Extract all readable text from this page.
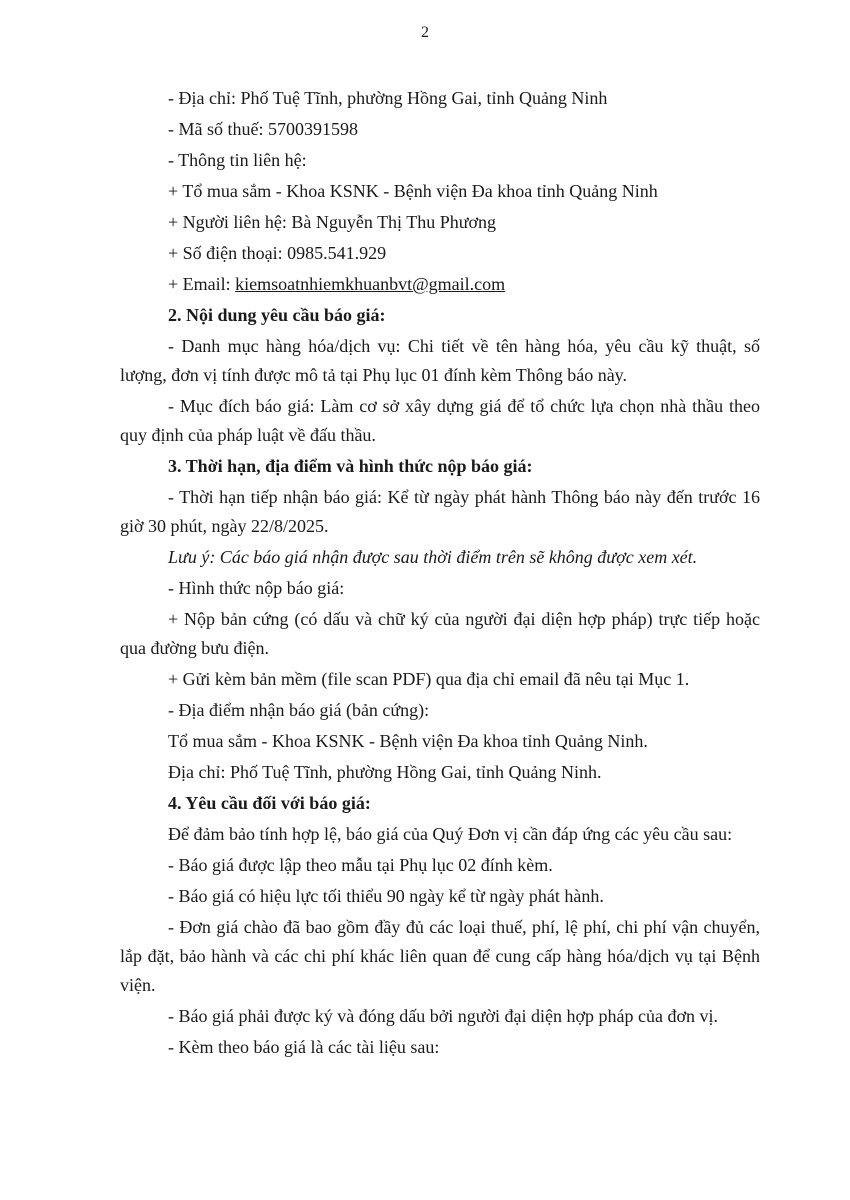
2

- Địa chỉ: Phố Tuệ Tĩnh, phường Hồng Gai, tỉnh Quảng Ninh

- Mã số thuế: 5700391598

- Thông tin liên hệ:

+ Tổ mua sắm - Khoa KSNK - Bệnh viện Đa khoa tỉnh Quảng Ninh

+ Người liên hệ: Bà Nguyễn Thị Thu Phương

+ Số điện thoại: 0985.541.929

+ Email: kiemsoatnhiemkhuanbvt@gmail.com

2. Nội dung yêu cầu báo giá:

- Danh mục hàng hóa/dịch vụ: Chi tiết về tên hàng hóa, yêu cầu kỹ thuật, số lượng, đơn vị tính được mô tả tại Phụ lục 01 đính kèm Thông báo này.

- Mục đích báo giá: Làm cơ sở xây dựng giá để tổ chức lựa chọn nhà thầu theo quy định của pháp luật về đấu thầu.

3. Thời hạn, địa điểm và hình thức nộp báo giá:

- Thời hạn tiếp nhận báo giá: Kể từ ngày phát hành Thông báo này đến trước 16 giờ 30 phút, ngày 22/8/2025.

Lưu ý: Các báo giá nhận được sau thời điểm trên sẽ không được xem xét.

- Hình thức nộp báo giá:

+ Nộp bản cứng (có dấu và chữ ký của người đại diện hợp pháp) trực tiếp hoặc qua đường bưu điện.

+ Gửi kèm bản mềm (file scan PDF) qua địa chỉ email đã nêu tại Mục 1.

- Địa điểm nhận báo giá (bản cứng):

Tổ mua sắm - Khoa KSNK - Bệnh viện Đa khoa tỉnh Quảng Ninh.

Địa chỉ: Phố Tuệ Tĩnh, phường Hồng Gai, tỉnh Quảng Ninh.

4. Yêu cầu đối với báo giá:

Để đảm bảo tính hợp lệ, báo giá của Quý Đơn vị cần đáp ứng các yêu cầu sau:

- Báo giá được lập theo mẫu tại Phụ lục 02 đính kèm.

- Báo giá có hiệu lực tối thiểu 90 ngày kể từ ngày phát hành.

- Đơn giá chào đã bao gồm đầy đủ các loại thuế, phí, lệ phí, chi phí vận chuyển, lắp đặt, bảo hành và các chi phí khác liên quan để cung cấp hàng hóa/dịch vụ tại Bệnh viện.

- Báo giá phải được ký và đóng dấu bởi người đại diện hợp pháp của đơn vị.

- Kèm theo báo giá là các tài liệu sau:
